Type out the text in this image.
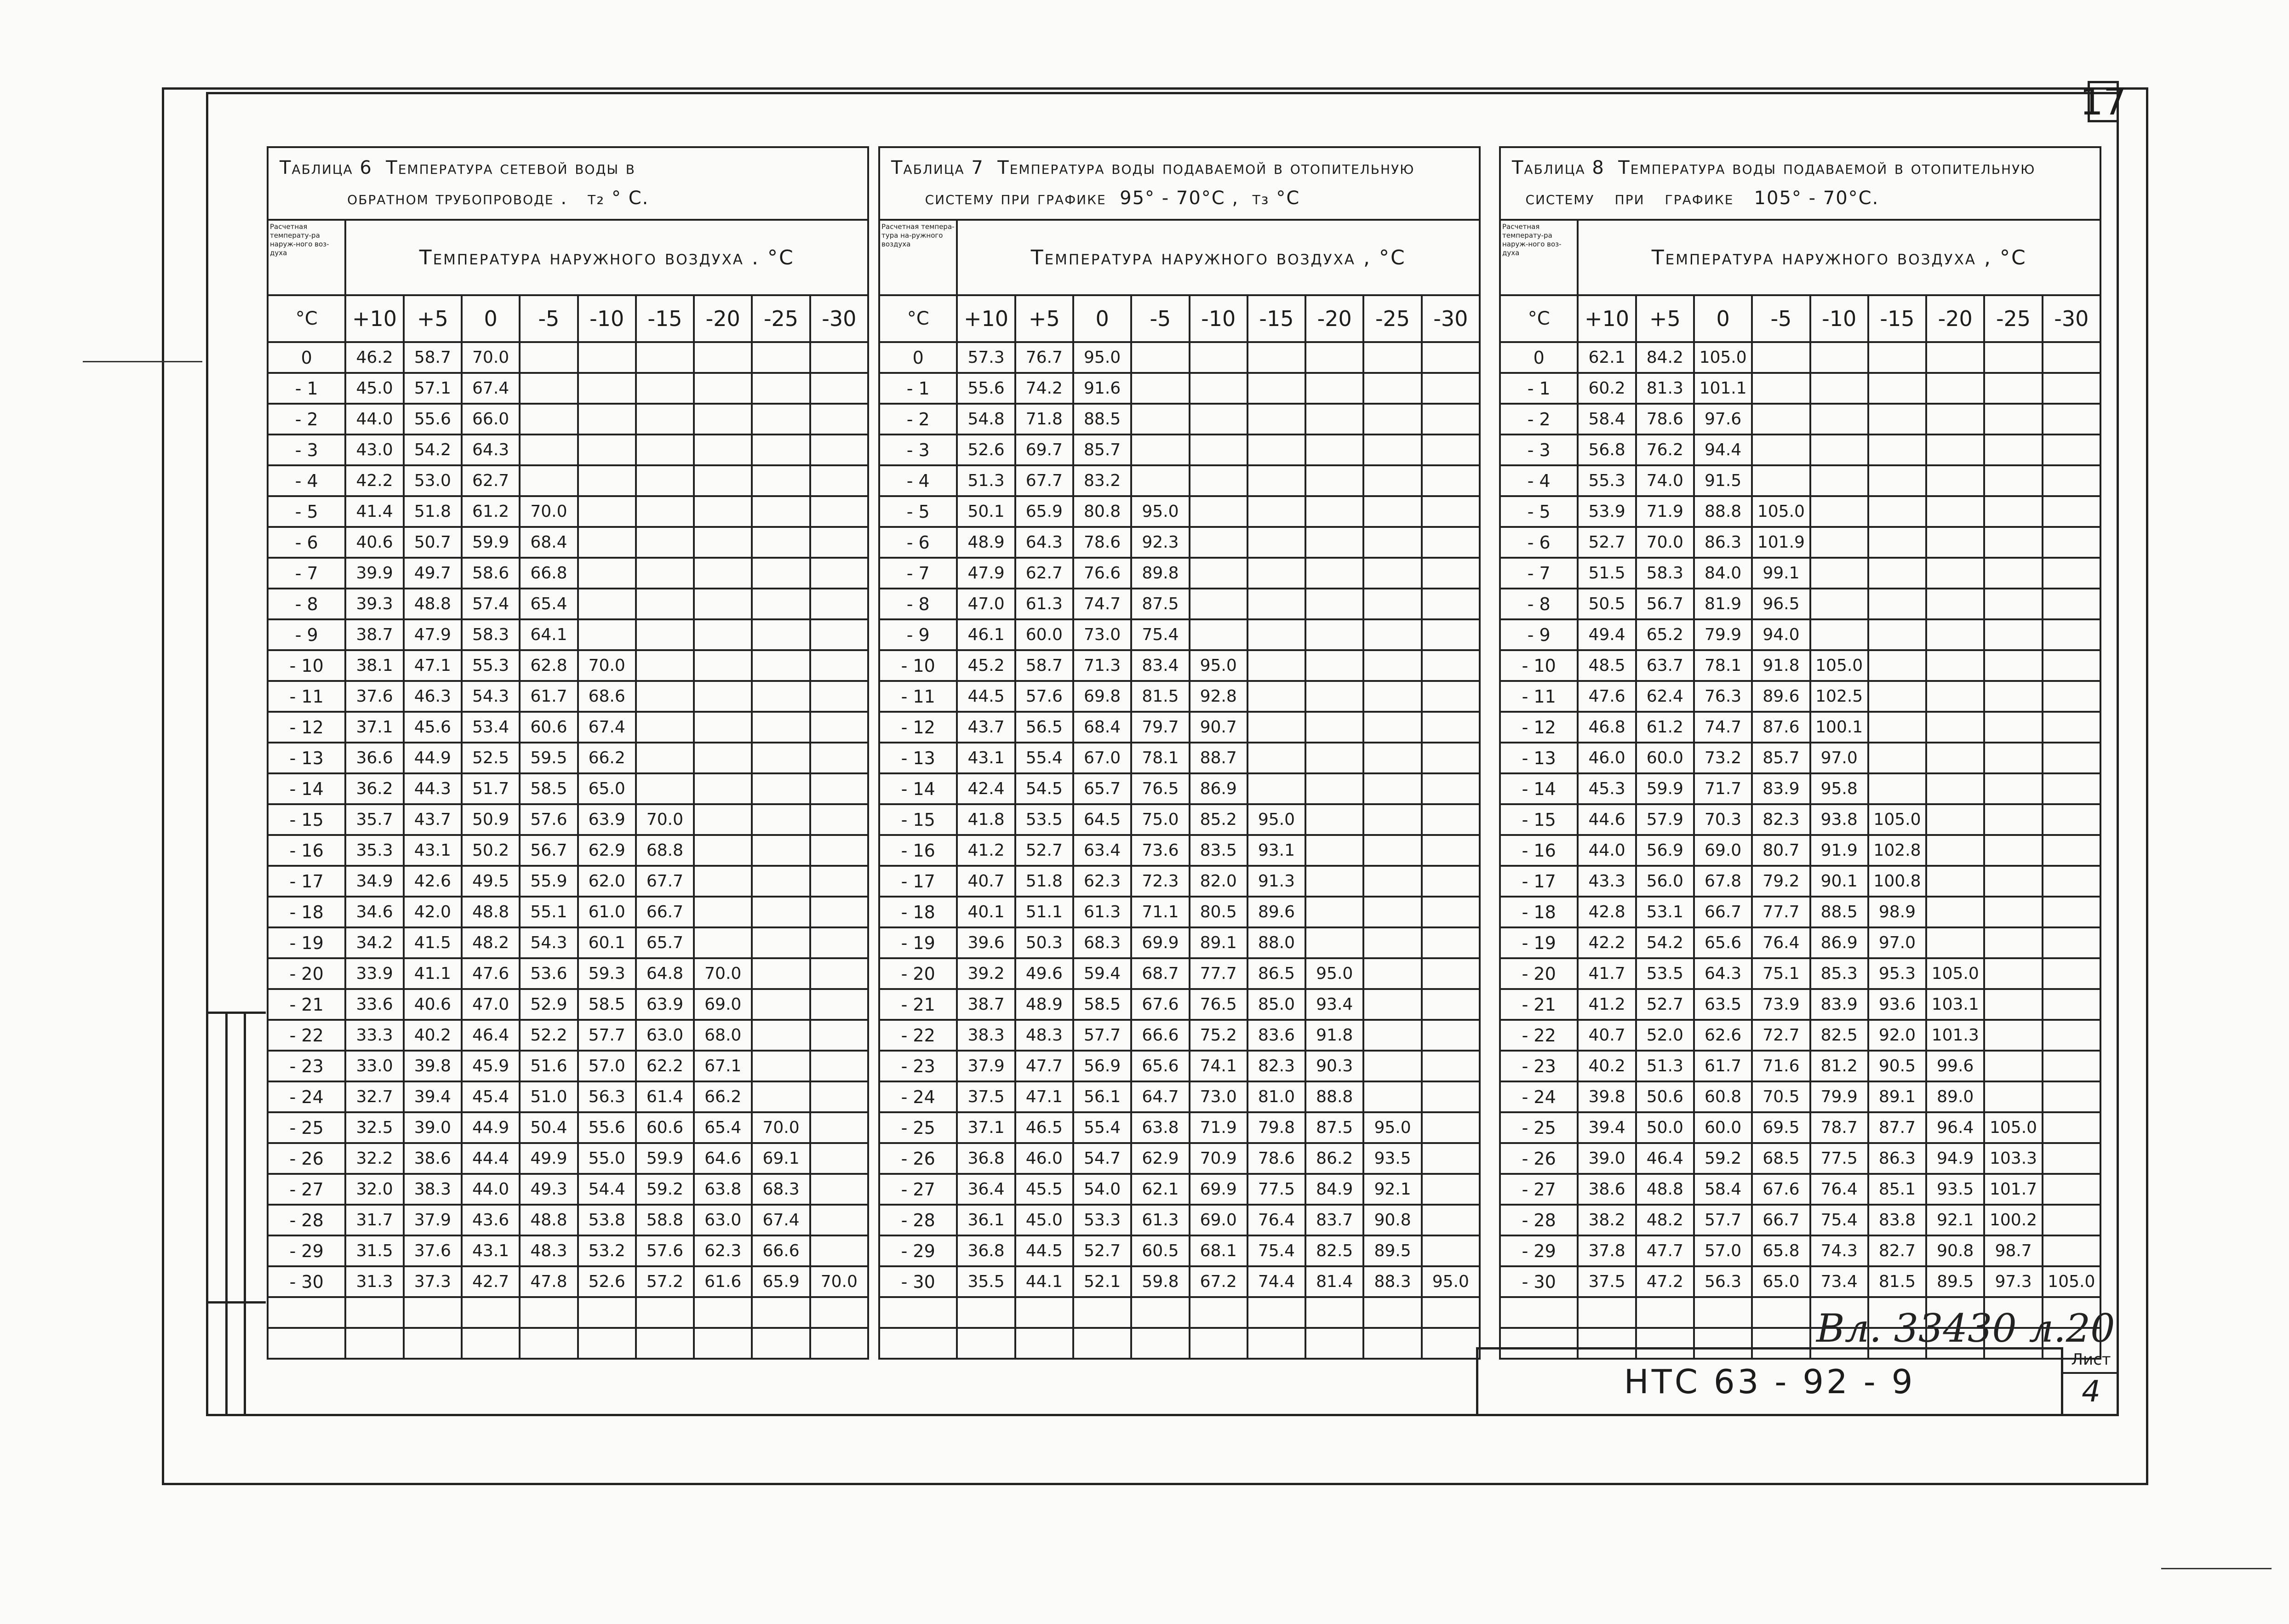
17
Таблица 6  Температура сетевой воды в
обратном трубопроводе .   t₂ ° C.
Расчетная температу-ра наруж-ного воз-духа	Температура наружного воздуха . °C								
°C	+10	+5	0	-5	-10	-15	-20	-25	-30
0	46.2	58.7	70.0						
- 1	45.0	57.1	67.4						
- 2	44.0	55.6	66.0						
- 3	43.0	54.2	64.3						
- 4	42.2	53.0	62.7						
- 5	41.4	51.8	61.2	70.0					
- 6	40.6	50.7	59.9	68.4					
- 7	39.9	49.7	58.6	66.8					
- 8	39.3	48.8	57.4	65.4					
- 9	38.7	47.9	58.3	64.1					
- 10	38.1	47.1	55.3	62.8	70.0				
- 11	37.6	46.3	54.3	61.7	68.6				
- 12	37.1	45.6	53.4	60.6	67.4				
- 13	36.6	44.9	52.5	59.5	66.2				
- 14	36.2	44.3	51.7	58.5	65.0				
- 15	35.7	43.7	50.9	57.6	63.9	70.0			
- 16	35.3	43.1	50.2	56.7	62.9	68.8			
- 17	34.9	42.6	49.5	55.9	62.0	67.7			
- 18	34.6	42.0	48.8	55.1	61.0	66.7			
- 19	34.2	41.5	48.2	54.3	60.1	65.7			
- 20	33.9	41.1	47.6	53.6	59.3	64.8	70.0		
- 21	33.6	40.6	47.0	52.9	58.5	63.9	69.0		
- 22	33.3	40.2	46.4	52.2	57.7	63.0	68.0		
- 23	33.0	39.8	45.9	51.6	57.0	62.2	67.1		
- 24	32.7	39.4	45.4	51.0	56.3	61.4	66.2		
- 25	32.5	39.0	44.9	50.4	55.6	60.6	65.4	70.0	
- 26	32.2	38.6	44.4	49.9	55.0	59.9	64.6	69.1	
- 27	32.0	38.3	44.0	49.3	54.4	59.2	63.8	68.3	
- 28	31.7	37.9	43.6	48.8	53.8	58.8	63.0	67.4	
- 29	31.5	37.6	43.1	48.3	53.2	57.6	62.3	66.6	
- 30	31.3	37.3	42.7	47.8	52.6	57.2	61.6	65.9	70.0

Таблица 7  Температура воды подаваемой в отопительную
систему при графике  95° - 70°C ,  t₃ °C
Расчетная темпера-тура на-ружного воздуха	Температура наружного воздуха , °C								
°C	+10	+5	0	-5	-10	-15	-20	-25	-30
0	57.3	76.7	95.0						
- 1	55.6	74.2	91.6						
- 2	54.8	71.8	88.5						
- 3	52.6	69.7	85.7						
- 4	51.3	67.7	83.2						
- 5	50.1	65.9	80.8	95.0					
- 6	48.9	64.3	78.6	92.3					
- 7	47.9	62.7	76.6	89.8					
- 8	47.0	61.3	74.7	87.5					
- 9	46.1	60.0	73.0	75.4					
- 10	45.2	58.7	71.3	83.4	95.0				
- 11	44.5	57.6	69.8	81.5	92.8				
- 12	43.7	56.5	68.4	79.7	90.7				
- 13	43.1	55.4	67.0	78.1	88.7				
- 14	42.4	54.5	65.7	76.5	86.9				
- 15	41.8	53.5	64.5	75.0	85.2	95.0			
- 16	41.2	52.7	63.4	73.6	83.5	93.1			
- 17	40.7	51.8	62.3	72.3	82.0	91.3			
- 18	40.1	51.1	61.3	71.1	80.5	89.6			
- 19	39.6	50.3	68.3	69.9	89.1	88.0			
- 20	39.2	49.6	59.4	68.7	77.7	86.5	95.0		
- 21	38.7	48.9	58.5	67.6	76.5	85.0	93.4		
- 22	38.3	48.3	57.7	66.6	75.2	83.6	91.8		
- 23	37.9	47.7	56.9	65.6	74.1	82.3	90.3		
- 24	37.5	47.1	56.1	64.7	73.0	81.0	88.8		
- 25	37.1	46.5	55.4	63.8	71.9	79.8	87.5	95.0	
- 26	36.8	46.0	54.7	62.9	70.9	78.6	86.2	93.5	
- 27	36.4	45.5	54.0	62.1	69.9	77.5	84.9	92.1	
- 28	36.1	45.0	53.3	61.3	69.0	76.4	83.7	90.8	
- 29	36.8	44.5	52.7	60.5	68.1	75.4	82.5	89.5	
- 30	35.5	44.1	52.1	59.8	67.2	74.4	81.4	88.3	95.0

Таблица 8  Температура воды подаваемой в отопительную
систему   при   графике   105° - 70°C.
Расчетная температу-ра наруж-ного воз-духа	Температура наружного воздуха , °C								
°C	+10	+5	0	-5	-10	-15	-20	-25	-30
0	62.1	84.2	105.0						
- 1	60.2	81.3	101.1						
- 2	58.4	78.6	97.6						
- 3	56.8	76.2	94.4						
- 4	55.3	74.0	91.5						
- 5	53.9	71.9	88.8	105.0					
- 6	52.7	70.0	86.3	101.9					
- 7	51.5	58.3	84.0	99.1					
- 8	50.5	56.7	81.9	96.5					
- 9	49.4	65.2	79.9	94.0					
- 10	48.5	63.7	78.1	91.8	105.0				
- 11	47.6	62.4	76.3	89.6	102.5				
- 12	46.8	61.2	74.7	87.6	100.1				
- 13	46.0	60.0	73.2	85.7	97.0				
- 14	45.3	59.9	71.7	83.9	95.8				
- 15	44.6	57.9	70.3	82.3	93.8	105.0			
- 16	44.0	56.9	69.0	80.7	91.9	102.8			
- 17	43.3	56.0	67.8	79.2	90.1	100.8			
- 18	42.8	53.1	66.7	77.7	88.5	98.9			
- 19	42.2	54.2	65.6	76.4	86.9	97.0			
- 20	41.7	53.5	64.3	75.1	85.3	95.3	105.0		
- 21	41.2	52.7	63.5	73.9	83.9	93.6	103.1		
- 22	40.7	52.0	62.6	72.7	82.5	92.0	101.3		
- 23	40.2	51.3	61.7	71.6	81.2	90.5	99.6		
- 24	39.8	50.6	60.8	70.5	79.9	89.1	89.0		
- 25	39.4	50.0	60.0	69.5	78.7	87.7	96.4	105.0	
- 26	39.0	46.4	59.2	68.5	77.5	86.3	94.9	103.3	
- 27	38.6	48.8	58.4	67.6	76.4	85.1	93.5	101.7	
- 28	38.2	48.2	57.7	66.7	75.4	83.8	92.1	100.2	
- 29	37.8	47.7	57.0	65.8	74.3	82.7	90.8	98.7	
- 30	37.5	47.2	56.3	65.0	73.4	81.5	89.5	97.3	105.0

Вл. 33430 л.20
НТС 63 - 92 - 9
Лист
4
